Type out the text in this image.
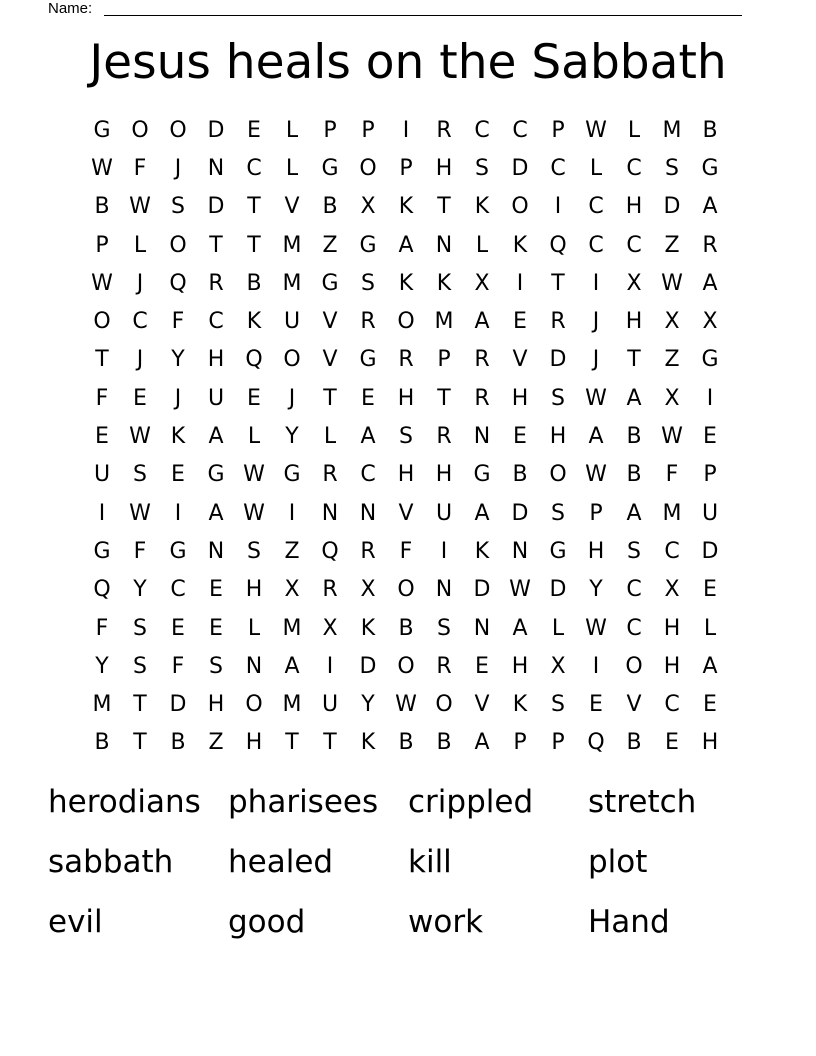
Name:
Jesus heals on the Sabbath
G O O D	E	L	P	P	I	R	C	C	P W L	M B
W F	J	N	C	L	G O	P	H	S	D C	L	C	S	G
B W S	D	T	V	B	X	K	T	K	O	I	C	H D	A
P	L	O	T	T M Z G A	N	L	K	Q C	C	Z	R
W	J	Q R	B M G	S	K	K	X	I	T	I	X W A
O C	F	C	K	U	V	R O M A	E	R	J	H	X	X
T	J	Y	H Q O V G R	P	R	V D	J	T	Z G
F	E	J	U	E	J	T	E	H	T	R	H	S W A	X	I
E W K	A	L	Y	L	A	S	R	N	E	H	A	B W E
U	S	E	G W G R	C	H H G B O W B	F	P
I	W	I	A W	I	N N	V	U	A D	S	P	A M U
G	F	G N	S	Z Q R	F	I	K	N G H	S	C D
Q	Y	C	E	H	X	R	X O N D W D	Y	C	X	E
F	S	E	E	L	M X	K	B	S	N	A	L W C	H	L
Y	S	F	S	N	A	I	D O R	E	H	X	I	O H	A
M T	D H O M U	Y W O V	K	S	E	V	C	E
B	T	B	Z	H	T	T	K	B	B	A	P	P	Q B	E	H
herodians pharisees crippled	stretch
sabbath	healed	kill	plot
evil	good	work	Hand
